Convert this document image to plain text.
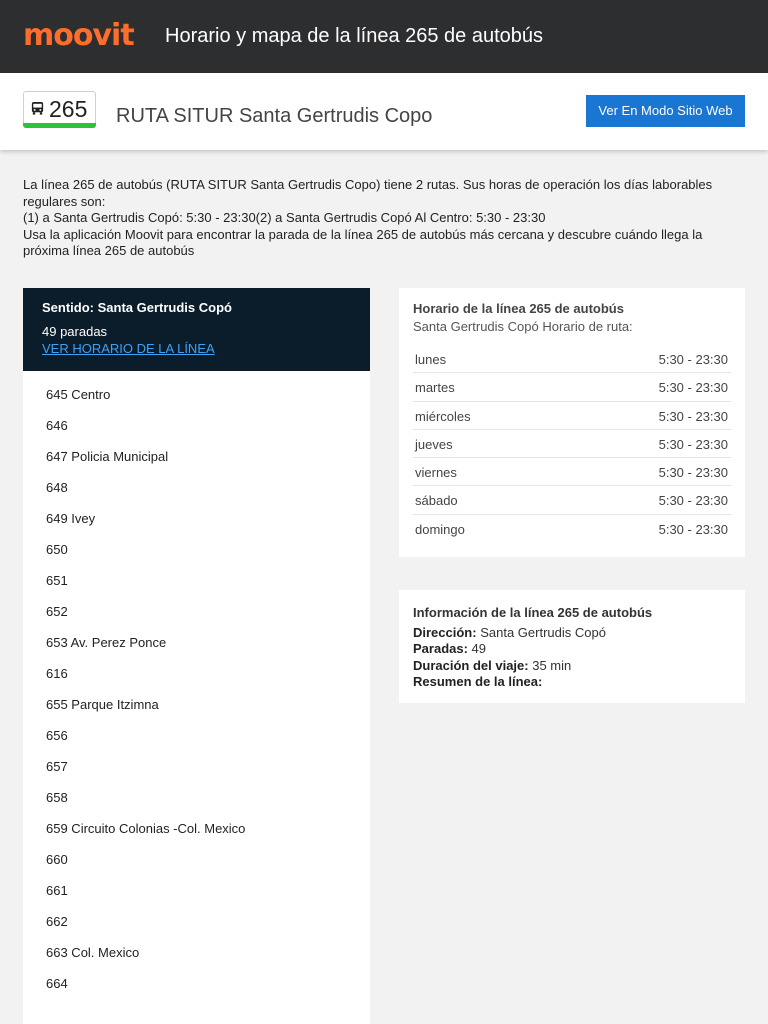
moovit Horario y mapa de la línea 265 de autobús
265 RUTA SITUR Santa Gertrudis Copo	Ver En Modo Sitio Web

La línea 265 de autobús (RUTA SITUR Santa Gertrudis Copo) tiene 2 rutas. Sus horas de operación los días laborables regulares son:

(1) a Santa Gertrudis Copó: 5:30 - 23:30(2) a Santa Gertrudis Copó Al Centro: 5:30 - 23:30

Usa la aplicación Moovit para encontrar la parada de la línea 265 de autobús más cercana y descubre cuándo llega la próxima línea 265 de autobús

Sentido: Santa Gertrudis Copó
49 paradas
VER HORARIO DE LA LÍNEA
645 Centro
646
647 Policia Municipal
648
649 Ivey
650
651
652
653 Av. Perez Ponce
616
655 Parque Itzimna
656
657
658
659 Circuito Colonias -Col. Mexico
660
661
662
663 Col. Mexico
664
Horario de la línea 265 de autobús
Santa Gertrudis Copó Horario de ruta:
lunes	5:30 - 23:30
martes	5:30 - 23:30
miércoles	5:30 - 23:30
jueves	5:30 - 23:30
viernes	5:30 - 23:30
sábado	5:30 - 23:30
domingo	5:30 - 23:30
Información de la línea 265 de autobús
Dirección: Santa Gertrudis Copó
Paradas: 49
Duración del viaje: 35 min
Resumen de la línea:
